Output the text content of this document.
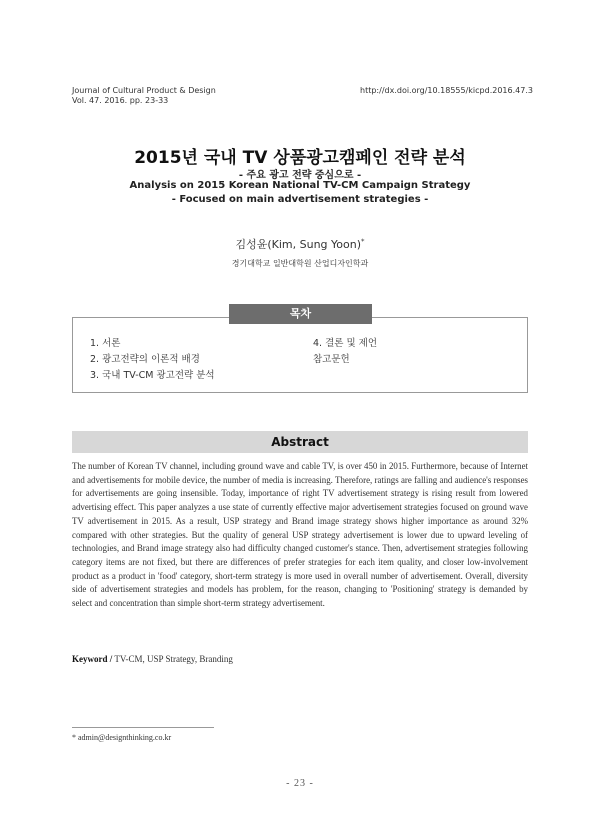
Journal of Cultural Product & Design
Vol. 47. 2016. pp. 23-33
http://dx.doi.org/10.18555/kicpd.2016.47.3
2015년 국내 TV 상품광고캠페인 전략 분석
- 주요 광고 전략 중심으로 -
Analysis on 2015 Korean National TV-CM Campaign Strategy
- Focused on main advertisement strategies -
김성윤(Kim, Sung Yoon)*
경기대학교 일반대학원 산업디자인학과
목차
1. 서론
2. 광고전략의 이론적 배경
3. 국내 TV-CM 광고전략 분석
4. 결론 및 제언
참고문헌
Abstract
The number of Korean TV channel, including ground wave and cable TV, is over 450 in 2015. Furthermore, because of Internet and advertisements for mobile device, the number of media is increasing. Therefore, ratings are falling and audience's responses for advertisements are going insensible. Today, importance of right TV advertisement strategy is rising result from lowered advertising effect. This paper analyzes a use state of currently effective major advertisement strategies focused on ground wave TV advertisement in 2015. As a result, USP strategy and Brand image strategy shows higher importance as around 32% compared with other strategies. But the quality of general USP strategy advertisement is lower due to upward leveling of technologies, and Brand image strategy also had difficulty changed customer's stance. Then, advertisement strategies following category items are not fixed, but there are differences of prefer strategies for each item quality, and closer low-involvement product as a product in 'food' category, short-term strategy is more used in overall number of advertisement. Overall, diversity side of advertisement strategies and models has problem, for the reason, changing to 'Positioning' strategy is demanded by select and concentration than simple short-term strategy advertisement.
Keyword / TV-CM, USP Strategy, Branding
* admin@designthinking.co.kr
- 23 -
